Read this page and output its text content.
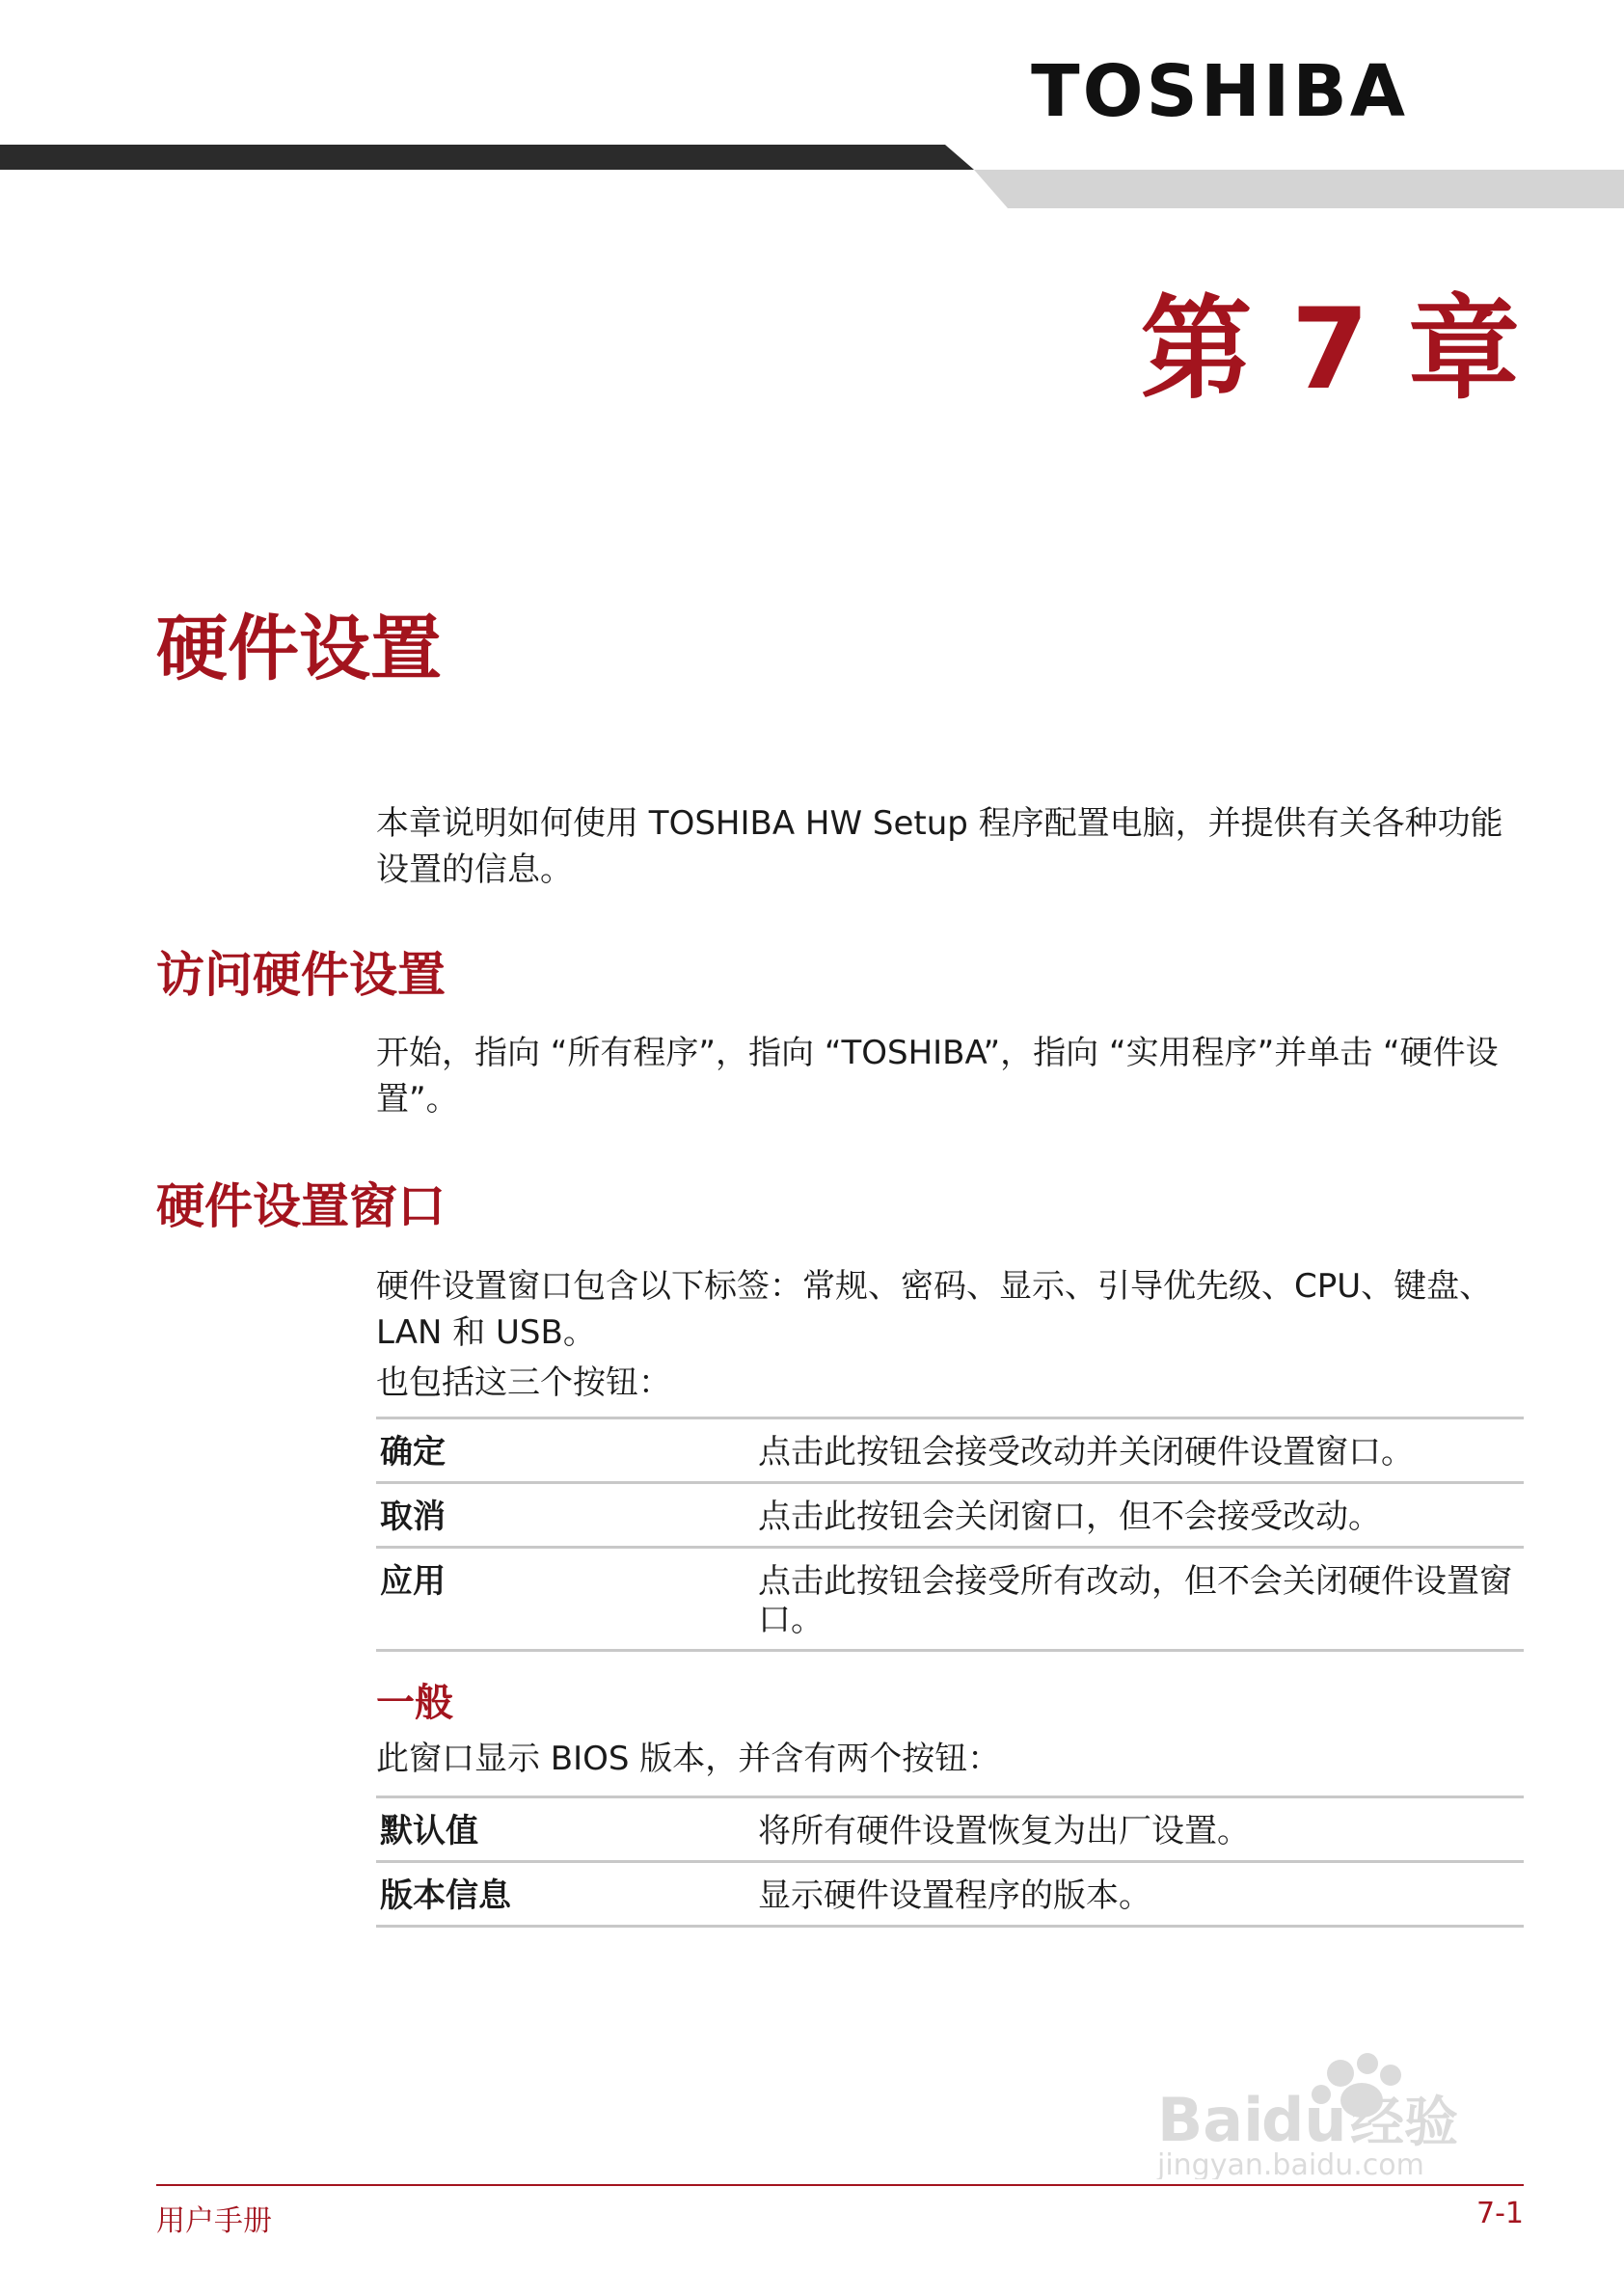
TOSHIBA
第 7 章
硬件设置
本章说明如何使用 TOSHIBA HW Setup 程序配置电脑，并提供有关各种功能设置的信息。
访问硬件设置
开始，指向 “所有程序”，指向 “TOSHIBA”，指向 “实用程序”并单击 “硬件设置”。
硬件设置窗口
硬件设置窗口包含以下标签：常规、密码、显示、引导优先级、CPU、键盘、LAN 和 USB。
也包括这三个按钮：
确定	点击此按钮会接受改动并关闭硬件设置窗口。
取消	点击此按钮会关闭窗口，但不会接受改动。
应用	点击此按钮会接受所有改动，但不会关闭硬件设置窗口。
一般
此窗口显示 BIOS 版本，并含有两个按钮：
默认值	将所有硬件设置恢复为出厂设置。
版本信息	显示硬件设置程序的版本。
Bai
du 经验
jingyan.baidu.com
用户手册	7-1
